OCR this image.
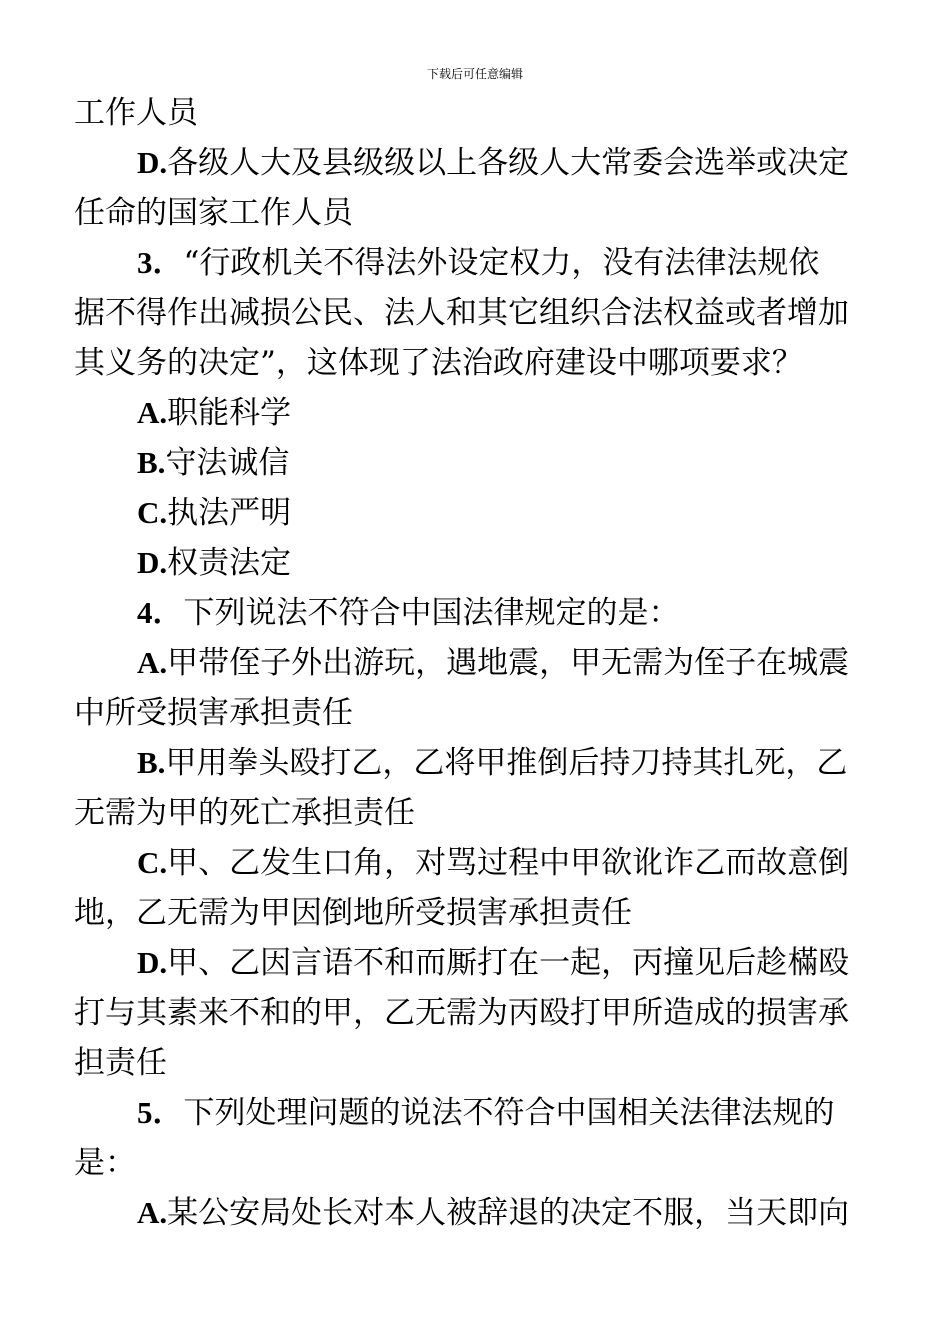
下载后可任意编辑
工作人员
D.各级人大及县级级以上各级人大常委会选举或决定
任命的国家工作人员
3．“行政机关不得法外设定权力，没有法律法规依
据不得作出减损公民、法人和其它组织合法权益或者增加
其义务的决定”，这体现了法治政府建设中哪项要求？
A.职能科学
B.守法诚信
C.执法严明
D.权责法定
4．下列说法不符合中国法律规定的是：
A.甲带侄子外出游玩，遇地震，甲无需为侄子在城震
中所受损害承担责任
B.甲用拳头殴打乙，乙将甲推倒后持刀持其扎死，乙
无需为甲的死亡承担责任
C.甲、乙发生口角，对骂过程中甲欲讹诈乙而故意倒
地，乙无需为甲因倒地所受损害承担责任
D.甲、乙因言语不和而厮打在一起，丙撞见后趁樠殴
打与其素来不和的甲，乙无需为丙殴打甲所造成的损害承
担责任
5．下列处理问题的说法不符合中国相关法律法规的
是：
A.某公安局处长对本人被辞退的决定不服，当天即向
